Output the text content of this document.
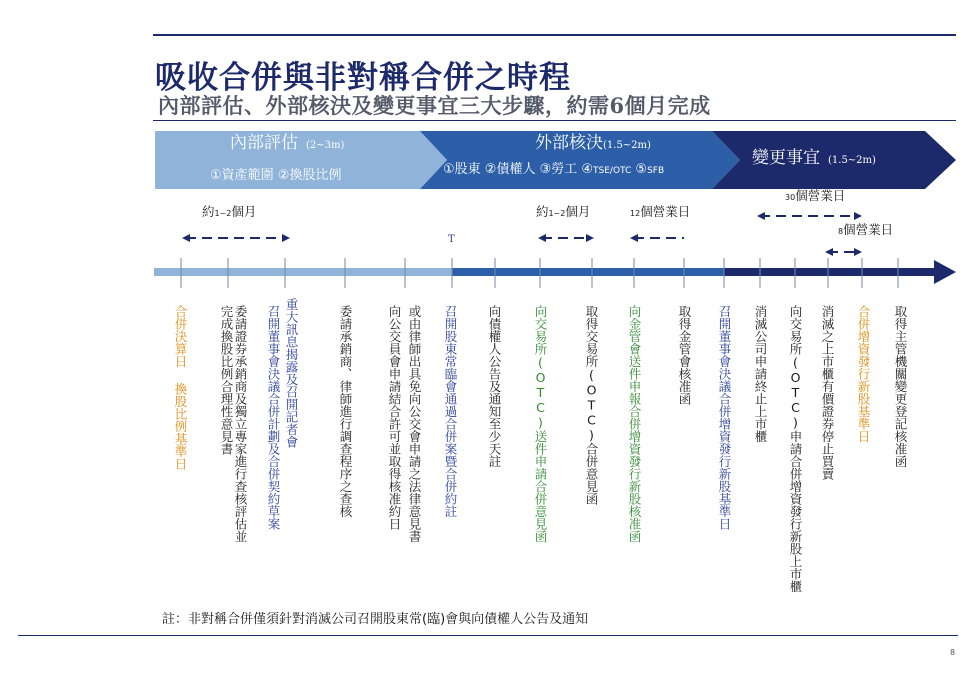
吸收合併與非對稱合併之時程
內部評估、外部核決及變更事宜三大步驟，約需6個月完成
內部評估 (2~3m)
①資產範圍 ②換股比例
外部核決(1.5~2m)
①股東 ②債權人 ③勞工 ④TSE/OTC ⑤SFB
變更事宜 (1.5~2m)
約1~2個月	約1~2個月	12個營業日
30個營業日
8個營業日
T
合併決算日 換股比例基準日 完成換股比例合理性意見書 委請證券承銷商及獨立專家進行查核評估並 召開董事會決議合併計劃及合併契約草案 重大訊息揭露及召開記者會	委請承銷商、律師進行調查程序之查核	或由律師出具免向公交會申請之法律意見書
向公交員會申請結合許可並取得核准約日	召開股東常臨會通過合併案暨合併約註 向債權人公告及通知至少天註 向交易所(OTC)送件申請合併意見函	取得交易所(OTC)合併意見函 向金管會送件申報合併增資發行新股核准函	取得金管會核准函 召開董事會決議合併增資發行新股基準日 消滅公司申請終止上市櫃 向交易所(OTC)申請合併增資發行新股上市櫃 消滅之上市櫃有價證券停止買賣 合併增資發行新股基準日 取得主管機關變更登記核准函
註：非對稱合併僅須針對消滅公司召開股東常(臨)會與向債權人公告及通知
8
